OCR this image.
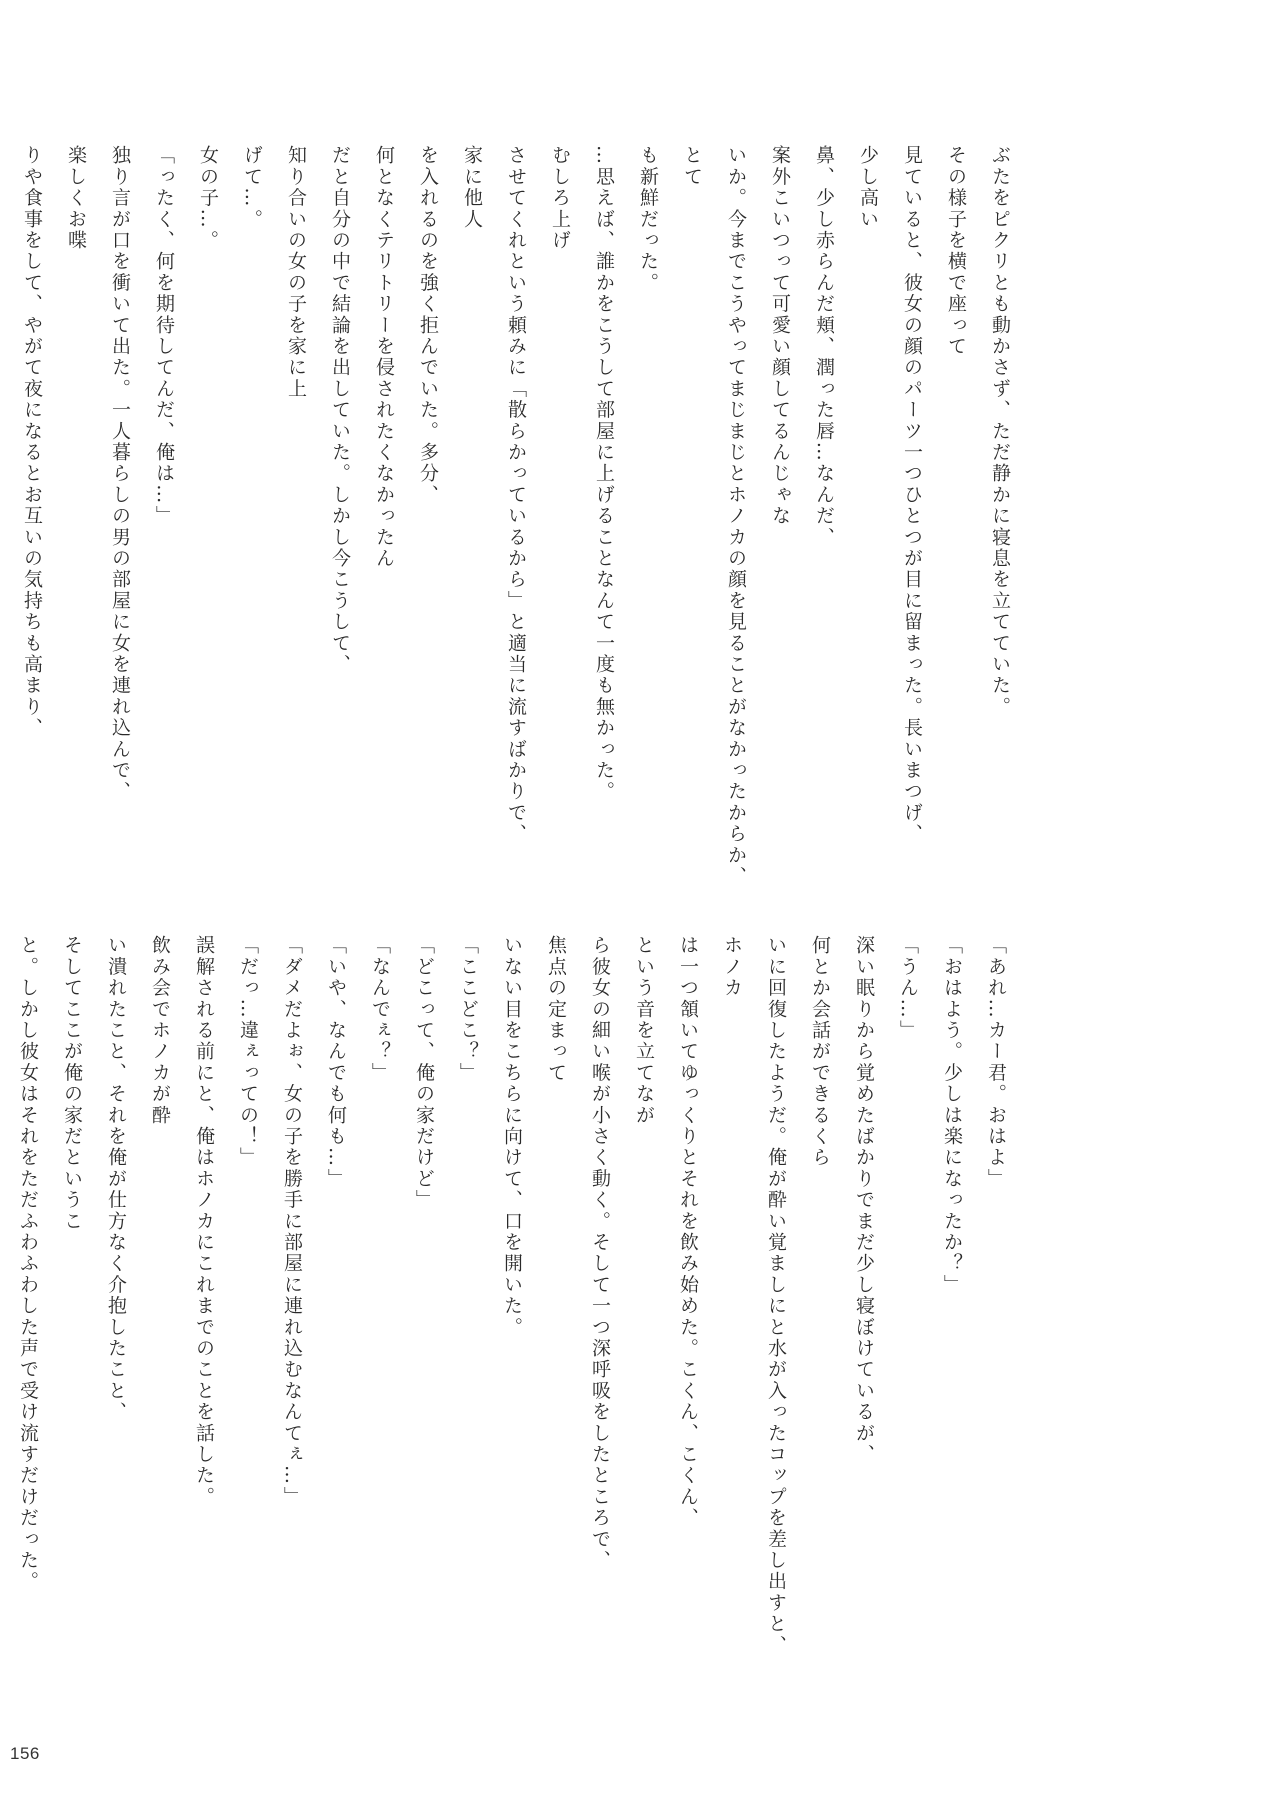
ぶたをピクリとも動かさず、ただ静かに寝息を立てていた。その様子を横で座って
見ていると、彼女の顔のパーツ一つひとつが目に留まった。長いまつげ、少し高い
鼻、少し赤らんだ頬、潤った唇…なんだ、案外こいつって可愛い顔してるんじゃな
いか。今までこうやってまじまじとホノカの顔を見ることがなかったからか、とて
も新鮮だった。
…思えば、誰かをこうして部屋に上げることなんて一度も無かった。むしろ上げ
させてくれという頼みに「散らかっているから」と適当に流すばかりで、家に他人
を入れるのを強く拒んでいた。多分、何となくテリトリーを侵されたくなかったん
だと自分の中で結論を出していた。しかし今こうして、知り合いの女の子を家に上
げて…。
女の子…。
「ったく、何を期待してんだ、俺は…」
独り言が口を衝いて出た。一人暮らしの男の部屋に女を連れ込んで、楽しくお喋
りや食事をして、やがて夜になるとお互いの気持ちも高まり、

「あれ…カー君。おはよ」
「おはよう。少しは楽になったか？」
「うん…」
深い眠りから覚めたばかりでまだ少し寝ぼけているが、何とか会話ができるくら
いに回復したようだ。俺が酔い覚ましにと水が入ったコップを差し出すと、ホノカ
は一つ頷いてゆっくりとそれを飲み始めた。こくん、こくん、という音を立てなが
ら彼女の細い喉が小さく動く。そして一つ深呼吸をしたところで、焦点の定まって
いない目をこちらに向けて、口を開いた。
「ここどこ？」
「どこって、俺の家だけど」
「なんでぇ？」
「いや、なんでも何も…」
「ダメだよぉ、女の子を勝手に部屋に連れ込むなんてぇ…」
「だっ…違ぇっての！」
誤解される前にと、俺はホノカにこれまでのことを話した。飲み会でホノカが酔
い潰れたこと、それを俺が仕方なく介抱したこと、そしてここが俺の家だというこ
と。しかし彼女はそれをただふわふわした声で受け流すだけだった。

156
